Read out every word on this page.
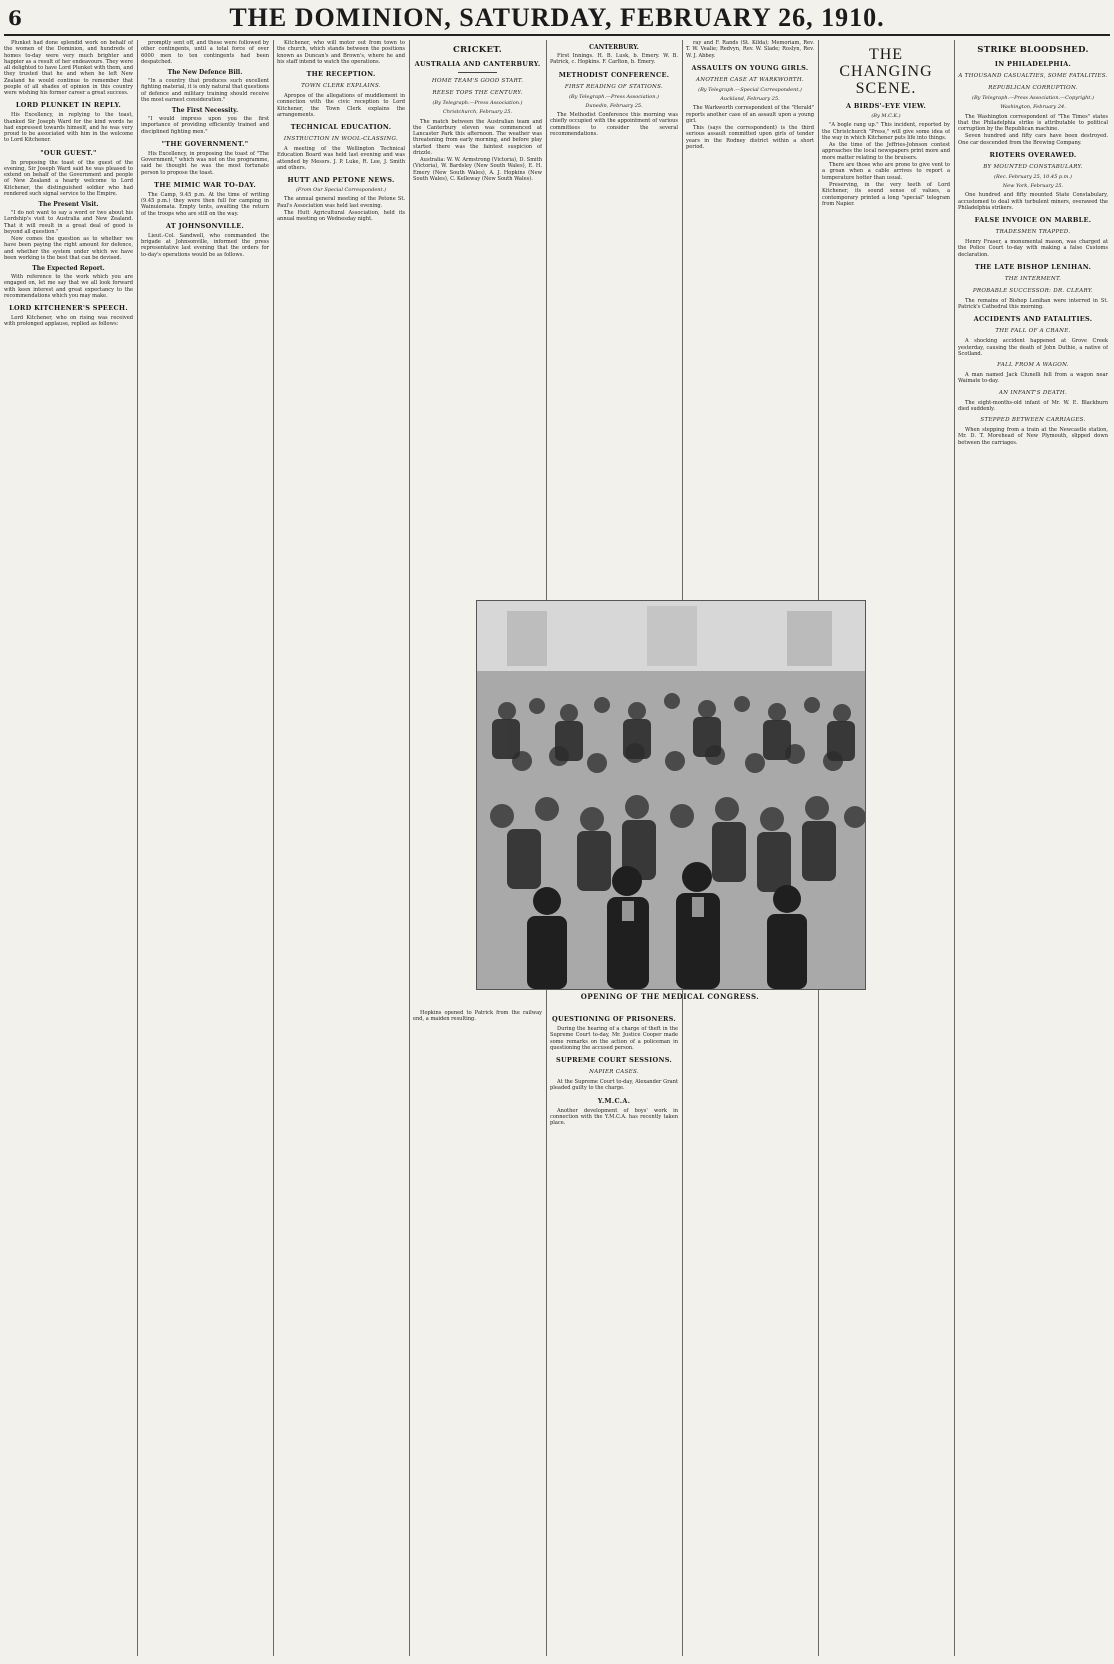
6	THE DOMINION, SATURDAY, FEBRUARY 26, 1910.

Plunket had done splendid work on behalf of the women of the Dominion, and hundreds of homes to-day were very much brighter and happier as a result of her endeavours. They were all delighted to have Lord Plunket with them, and they trusted that he and when he left New Zealand he would continue to remember that people of all shades of opinion in this country were wishing his former career a great success.

LORD PLUNKET IN REPLY.

His Excellency, in replying to the toast, thanked Sir Joseph Ward for the kind words he had expressed towards himself, and he was very proud to be associated with him in the welcome to Lord Kitchener.

"OUR GUEST."

In proposing the toast of the guest of the evening, Sir Joseph Ward said he was pleased to extend on behalf of the Government and people of New Zealand a hearty welcome to Lord Kitchener, the distinguished soldier who had rendered such signal service to the Empire.

The Present Visit.

"I do not want to say a word or two about his Lordship's visit to Australia and New Zealand. That it will result in a great deal of good is beyond all question."

Now comes the question as to whether we have been paying the right amount for defence, and whether the system under which we have been working is the best that can be devised.

The Expected Report.

With reference to the work which you are engaged on, let me say that we all look forward with keen interest and great expectancy to the recommendations which you may make.

LORD KITCHENER'S SPEECH.

Lord Kitchener, who on rising was received with prolonged applause, replied as follows:

promptly sent off, and these were followed by other contingents, until a total force of over 6000 men to ten contingents had been despatched.

The New Defence Bill.

"In a country that produces such excellent fighting material, it is only natural that questions of defence and military training should receive the most earnest consideration."

The First Necessity.

"I would impress upon you the first importance of providing efficiently trained and disciplined fighting men."

"THE GOVERNMENT."

His Excellency, in proposing the toast of "The Government," which was not on the programme, said he thought he was the most fortunate person to propose the toast.

THE MIMIC WAR TO-DAY.

The Camp, 9.45 p.m. At the time of writing (9.45 p.m.) they were then full for camping in Wainuiomata. Empty tents, awaiting the return of the troops who are still on the way.

AT JOHNSONVILLE.

Lieut.-Col. Sandwell, who commanded the brigade at Johnsonville, informed the press representative last evening that the orders for to-day's operations would be as follows.

Kitchener, who will motor out from town to the church, which stands between the positions known as Duncan's and Brown's, where he and his staff intend to watch the operations.

THE RECEPTION.
TOWN CLERK EXPLAINS.

Apropos of the allegations of muddlement in connection with the civic reception to Lord Kitchener, the Town Clerk explains the arrangements.

TECHNICAL EDUCATION.
INSTRUCTION IN WOOL-CLASSING.

A meeting of the Wellington Technical Education Board was held last evening and was attended by Messrs. J. P. Luke, R. Lee, J. Smith and others.

HUTT AND PETONE NEWS.
(From Our Special Correspondent.)

The annual general meeting of the Petone St. Paul's Association was held last evening.

The Hutt Agricultural Association, held its annual meeting on Wednesday night.

CRICKET.
AUSTRALIA AND CANTERBURY.
HOME TEAM'S GOOD START.
REESE TOPS THE CENTURY.
(By Telegraph.—Press Association.)
Christchurch, February 25.

The match between the Australian team and the Canterbury eleven was commenced at Lancaster Park this afternoon. The weather was threatening from early morning, and before play started there was the faintest suspicion of drizzle.

Australia: W. W. Armstrong (Victoria), D. Smith (Victoria), W. Bardsley (New South Wales), E. H. Emery (New South Wales), A. J. Hopkins (New South Wales), C. Kelleway (New South Wales).

Hopkins opened to Patrick from the railway end, a maiden resulting.

CANTERBURY.

First Innings. H. B. Lusk, b. Emery. W. B. Patrick, c. Hopkins. F. Carlton, b. Emery.

METHODIST CONFERENCE.
FIRST READING OF STATIONS.
(By Telegraph.—Press Association.)
Dunedin, February 25.

The Methodist Conference this morning was chiefly occupied with the appointment of various committees to consider the several recommendations.

QUESTIONING OF PRISONERS.

During the hearing of a charge of theft in the Supreme Court to-day, Mr. Justice Cooper made some remarks on the action of a policeman in questioning the accused person.

SUPREME COURT SESSIONS.
NAPIER CASES.

At the Supreme Court to-day, Alexander Grant pleaded guilty to the charge.

Y.M.C.A.

Another development of boys' work in connection with the Y.M.C.A. has recently taken place.

ray and F. Rands (St. Kilda); Memoriam, Rev. T. W. Vealie; Redvyn, Rev. W. Slade; Roslyn, Rev. W. J. Abbey.

ASSAULTS ON YOUNG GIRLS.
ANOTHER CASE AT WARKWORTH.
(By Telegraph.—Special Correspondent.)
Auckland, February 25.

The Warkworth correspondent of the "Herald" reports another case of an assault upon a young girl.

This (says the correspondent) is the third serious assault committed upon girls of tender years in the Rodney district within a short period.

THE CHANGING SCENE.
A BIRDS'-EYE VIEW.
(By M.C.K.)

"A bogle rang up." This incident, reported by the Christchurch "Press," will give some idea of the way in which Kitchener puts life into things.

As the time of the Jeffries-Johnson contest approaches the local newspapers print more and more matter relating to the bruisers.

There are those who are prone to give vent to a groan when a cable arrives to report a temperature hotter than usual.

Preserving, in the very teeth of Lord Kitchener, its sound sense of values, a contemporary printed a long "special" telegram from Napier.

STRIKE BLOODSHED.
IN PHILADELPHIA.
A THOUSAND CASUALTIES, SOME FATALITIES.
REPUBLICAN CORRUPTION.
(By Telegraph.—Press Association.—Copyright.)
Washington, February 24.

The Washington correspondent of "The Times" states that the Philadelphia strike is attributable to political corruption by the Republican machine.

Seven hundred and fifty cars have been destroyed. One car descended from the Brewing Company.

RIOTERS OVERAWED.
BY MOUNTED CONSTABULARY.
(Rec. February 25, 10.45 p.m.)
New York, February 25.

One hundred and fifty mounted State Constabulary, accustomed to deal with turbulent miners, overawed the Philadelphia strikers.

FALSE INVOICE ON MARBLE.
TRADESMEN TRAPPED.

Henry Fraser, a monumental mason, was charged at the Police Court to-day with making a false Customs declaration.

THE LATE BISHOP LENIHAN.
THE INTERMENT.
PROBABLE SUCCESSOR: DR. CLEARY.

The remains of Bishop Lenihan were interred in St. Patrick's Cathedral this morning.

ACCIDENTS AND FATALITIES.
THE FALL OF A CRANE.

A shocking accident happened at Grove Creek yesterday, causing the death of John Duthie, a native of Scotland.

FALL FROM A WAGON.

A man named Jack Clunelli fell from a wagon near Waimate to-day.

AN INFANT'S DEATH.

The eight-months-old infant of Mr. W. E. Blackburn died suddenly.

STEPPED BETWEEN CARRIAGES.

When stepping from a train at the Newcastle station, Mr. D. T. Morehead of New Plymouth, slipped down between the carriages.

OPENING OF THE MEDICAL CONGRESS.
